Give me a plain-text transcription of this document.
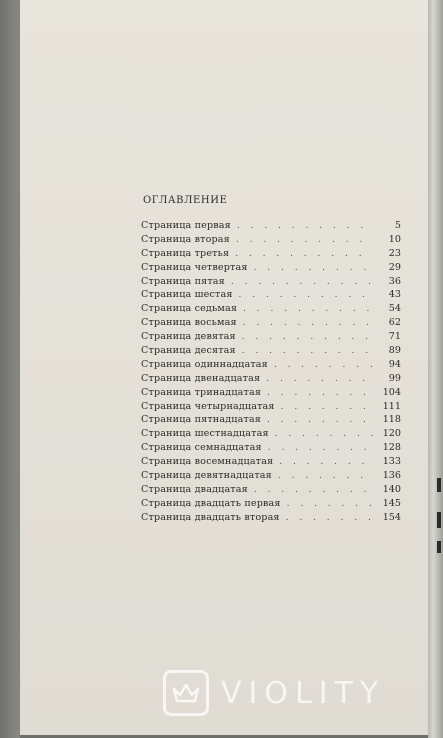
ОГЛАВЛЕНИЕ
Страница первая . . .	5
Страница вторая . . .	10
Страница третья . . .	23
Страница четвертая . . .	29
Страница пятая . . .	36
Страница шестая . . .	43
Страница седьмая . . .	54
Страница восьмая . . .	62
Страница девятая . . .	71
Страница десятая . . .	89
Страница одиннадцатая . . .	94
Страница двенадцатая . . .	99
Страница тринадцатая . . .	104
Страница четырнадцатая . . .	111
Страница пятнадцатая . . .	118
Страница шестнадцатая . . .	120
Страница семнадцатая . . .	128
Страница восемнадцатая . . .	133
Страница девятнадцатая . . .	136
Страница двадцатая . . .	140
Страница двадцать первая . . .	145
Страница двадцать вторая . . .	154
VIOLITY
